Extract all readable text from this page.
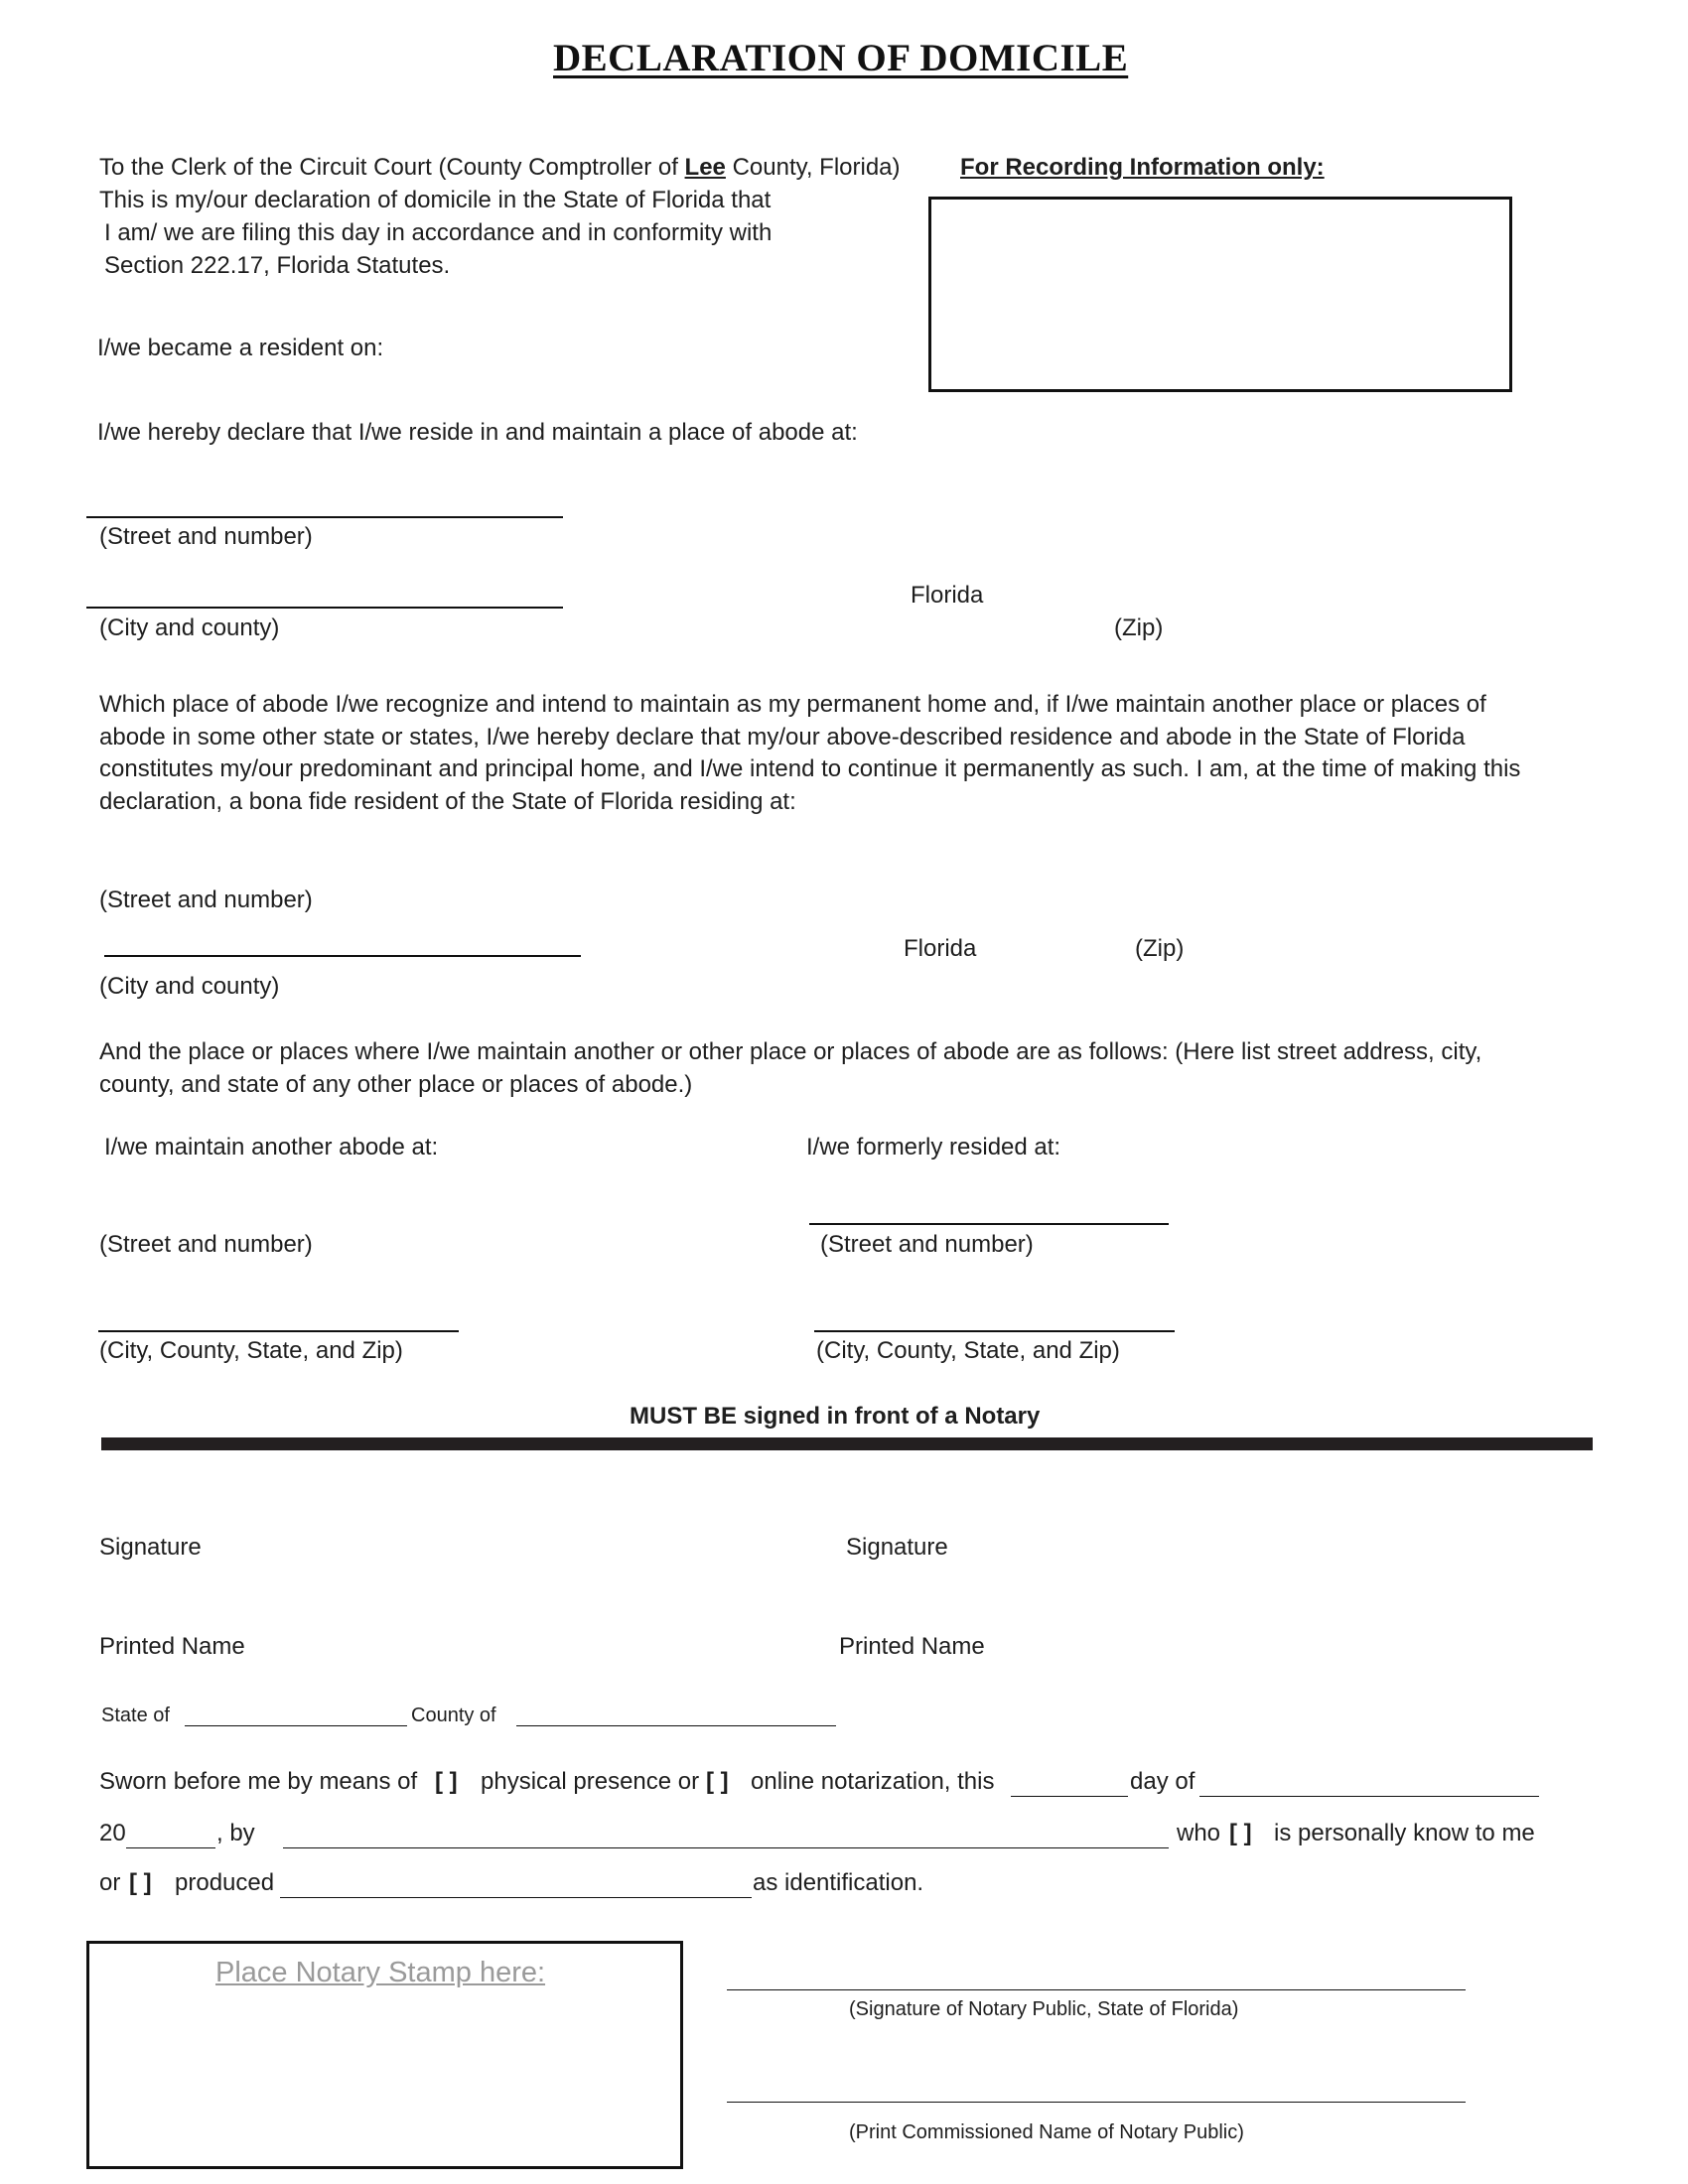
DECLARATION OF DOMICILE
To the Clerk of the Circuit Court (County Comptroller of Lee County, Florida)
This is my/our declaration of domicile in the State of Florida that
I am/ we are filing this day in accordance and in conformity with
Section 222.17, Florida Statutes.
For Recording Information only:
I/we became a resident on:
I/we hereby declare that I/we reside in and maintain a place of abode at:
(Street and number)
Florida
(City and county)	(Zip)
Which place of abode I/we recognize and intend to maintain as my permanent home and, if I/we maintain another place or places of abode in some other state or states, I/we hereby declare that my/our above-described residence and abode in the State of Florida constitutes my/our predominant and principal home, and I/we intend to continue it permanently as such. I am, at the time of making this declaration, a bona fide resident of the State of Florida residing at:
(Street and number)
Florida	(Zip)
(City and county)
And the place or places where I/we maintain another or other place or places of abode are as follows: (Here list street address, city, county, and state of any other place or places of abode.)
I/we maintain another abode at:	I/we formerly resided at:
(Street and number)	(Street and number)
(City, County, State, and Zip)	(City, County, State, and Zip)
MUST BE signed in front of a Notary
Signature	Signature
Printed Name	Printed Name
State of	County of
Sworn before me by means of [ ] physical presence or [ ] online notarization, this	day of
20	, by	who [ ] is personally know to me
or [ ] produced	as identification.
Place Notary Stamp here:
(Signature of Notary Public, State of Florida)
(Print Commissioned Name of Notary Public)
